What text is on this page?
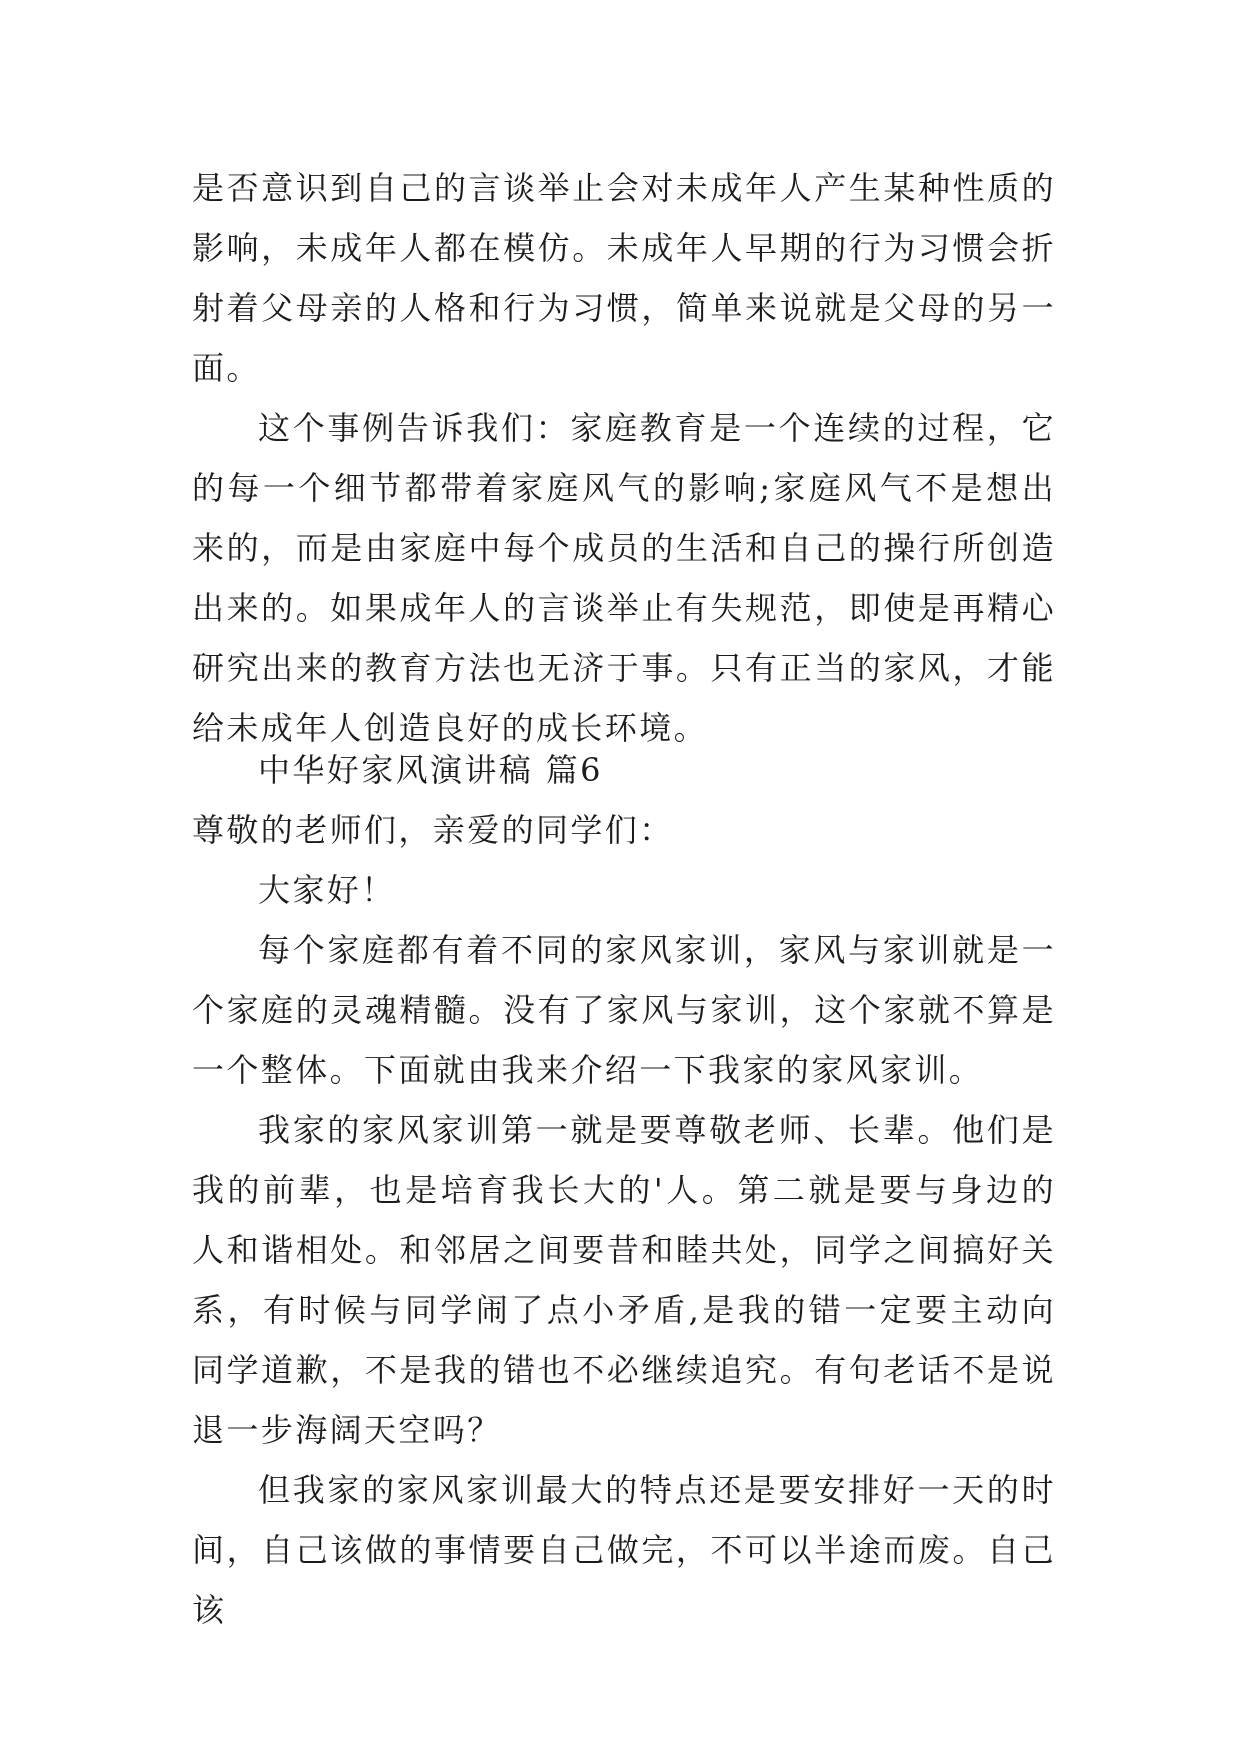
是否意识到自己的言谈举止会对未成年人产生某种性质的影响，未成年人都在模仿。未成年人早期的行为习惯会折射着父母亲的人格和行为习惯，简单来说就是父母的另一面。

这个事例告诉我们：家庭教育是一个连续的过程，它的每一个细节都带着家庭风气的影响;家庭风气不是想出来的，而是由家庭中每个成员的生活和自己的操行所创造出来的。如果成年人的言谈举止有失规范，即使是再精心研究出来的教育方法也无济于事。只有正当的家风，才能给未成年人创造良好的成长环境。

中华好家风演讲稿 篇6

尊敬的老师们，亲爱的同学们：

大家好！

每个家庭都有着不同的家风家训，家风与家训就是一个家庭的灵魂精髓。没有了家风与家训，这个家就不算是一个整体。下面就由我来介绍一下我家的家风家训。

我家的家风家训第一就是要尊敬老师、长辈。他们是我的前辈，也是培育我长大的'人。第二就是要与身边的人和谐相处。和邻居之间要昔和睦共处，同学之间搞好关系，有时候与同学闹了点小矛盾,是我的错一定要主动向同学道歉，不是我的错也不必继续追究。有句老话不是说退一步海阔天空吗？

但我家的家风家训最大的特点还是要安排好一天的时间，自己该做的事情要自己做完，不可以半途而废。自己该
